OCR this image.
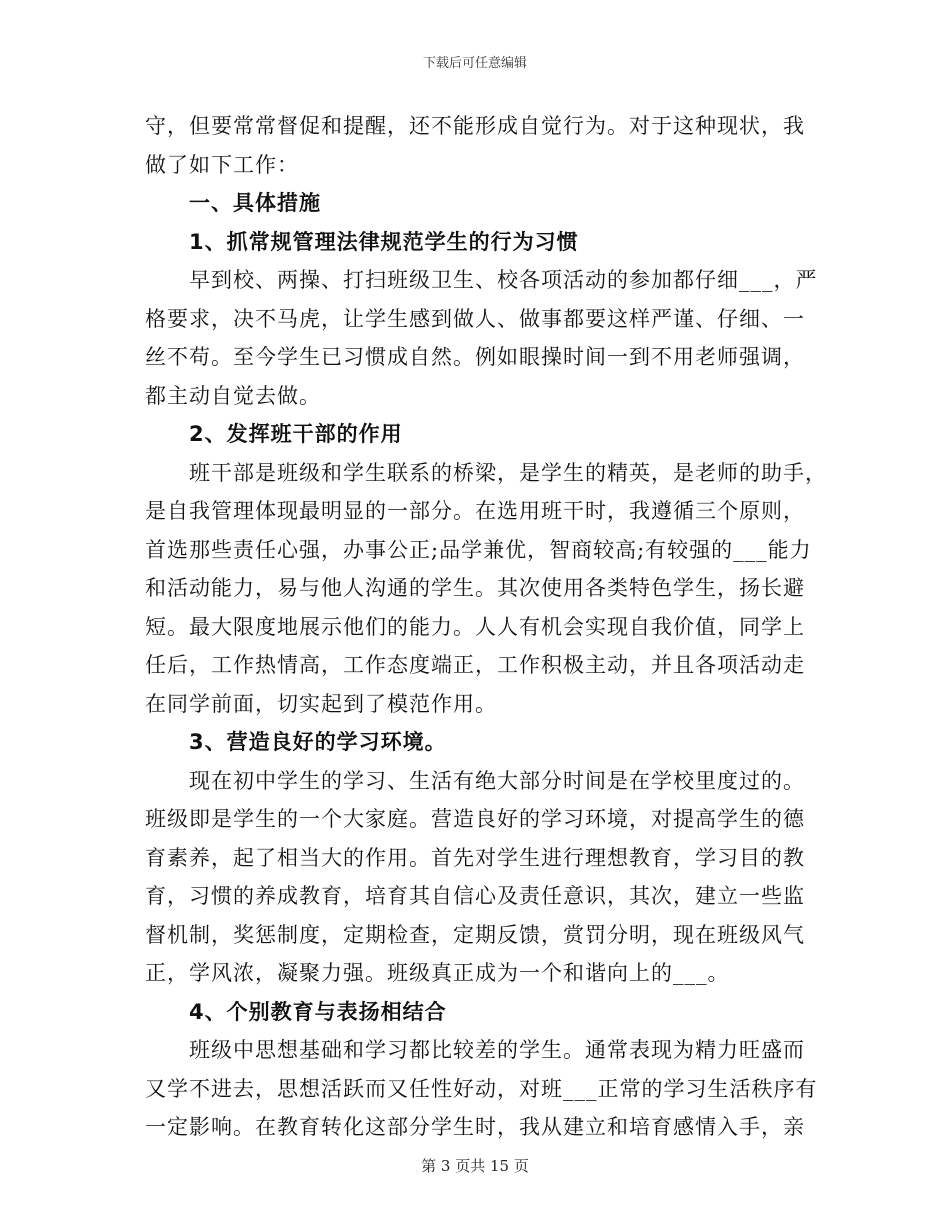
下载后可任意编辑
守，但要常常督促和提醒，还不能形成自觉行为。对于这种现状，我
做了如下工作：
一、具体措施
1、抓常规管理法律规范学生的行为习惯
早到校、两操、打扫班级卫生、校各项活动的参加都仔细___，严
格要求，决不马虎，让学生感到做人、做事都要这样严谨、仔细、一
丝不苟。至今学生已习惯成自然。例如眼操时间一到不用老师强调，
都主动自觉去做。
2、发挥班干部的作用
班干部是班级和学生联系的桥梁，是学生的精英，是老师的助手，
是自我管理体现最明显的一部分。在选用班干时，我遵循三个原则，
首选那些责任心强，办事公正;品学兼优，智商较高;有较强的___能力
和活动能力，易与他人沟通的学生。其次使用各类特色学生，扬长避
短。最大限度地展示他们的能力。人人有机会实现自我价值，同学上
任后，工作热情高，工作态度端正，工作积极主动，并且各项活动走
在同学前面，切实起到了模范作用。
3、营造良好的学习环境。
现在初中学生的学习、生活有绝大部分时间是在学校里度过的。
班级即是学生的一个大家庭。营造良好的学习环境，对提高学生的德
育素养，起了相当大的作用。首先对学生进行理想教育，学习目的教
育，习惯的养成教育，培育其自信心及责任意识，其次，建立一些监
督机制，奖惩制度，定期检查，定期反馈，赏罚分明，现在班级风气
正，学风浓，凝聚力强。班级真正成为一个和谐向上的___。
4、个别教育与表扬相结合
班级中思想基础和学习都比较差的学生。通常表现为精力旺盛而
又学不进去，思想活跃而又任性好动，对班___正常的学习生活秩序有
一定影响。在教育转化这部分学生时，我从建立和培育感情入手，亲
第 3 页共 15 页
